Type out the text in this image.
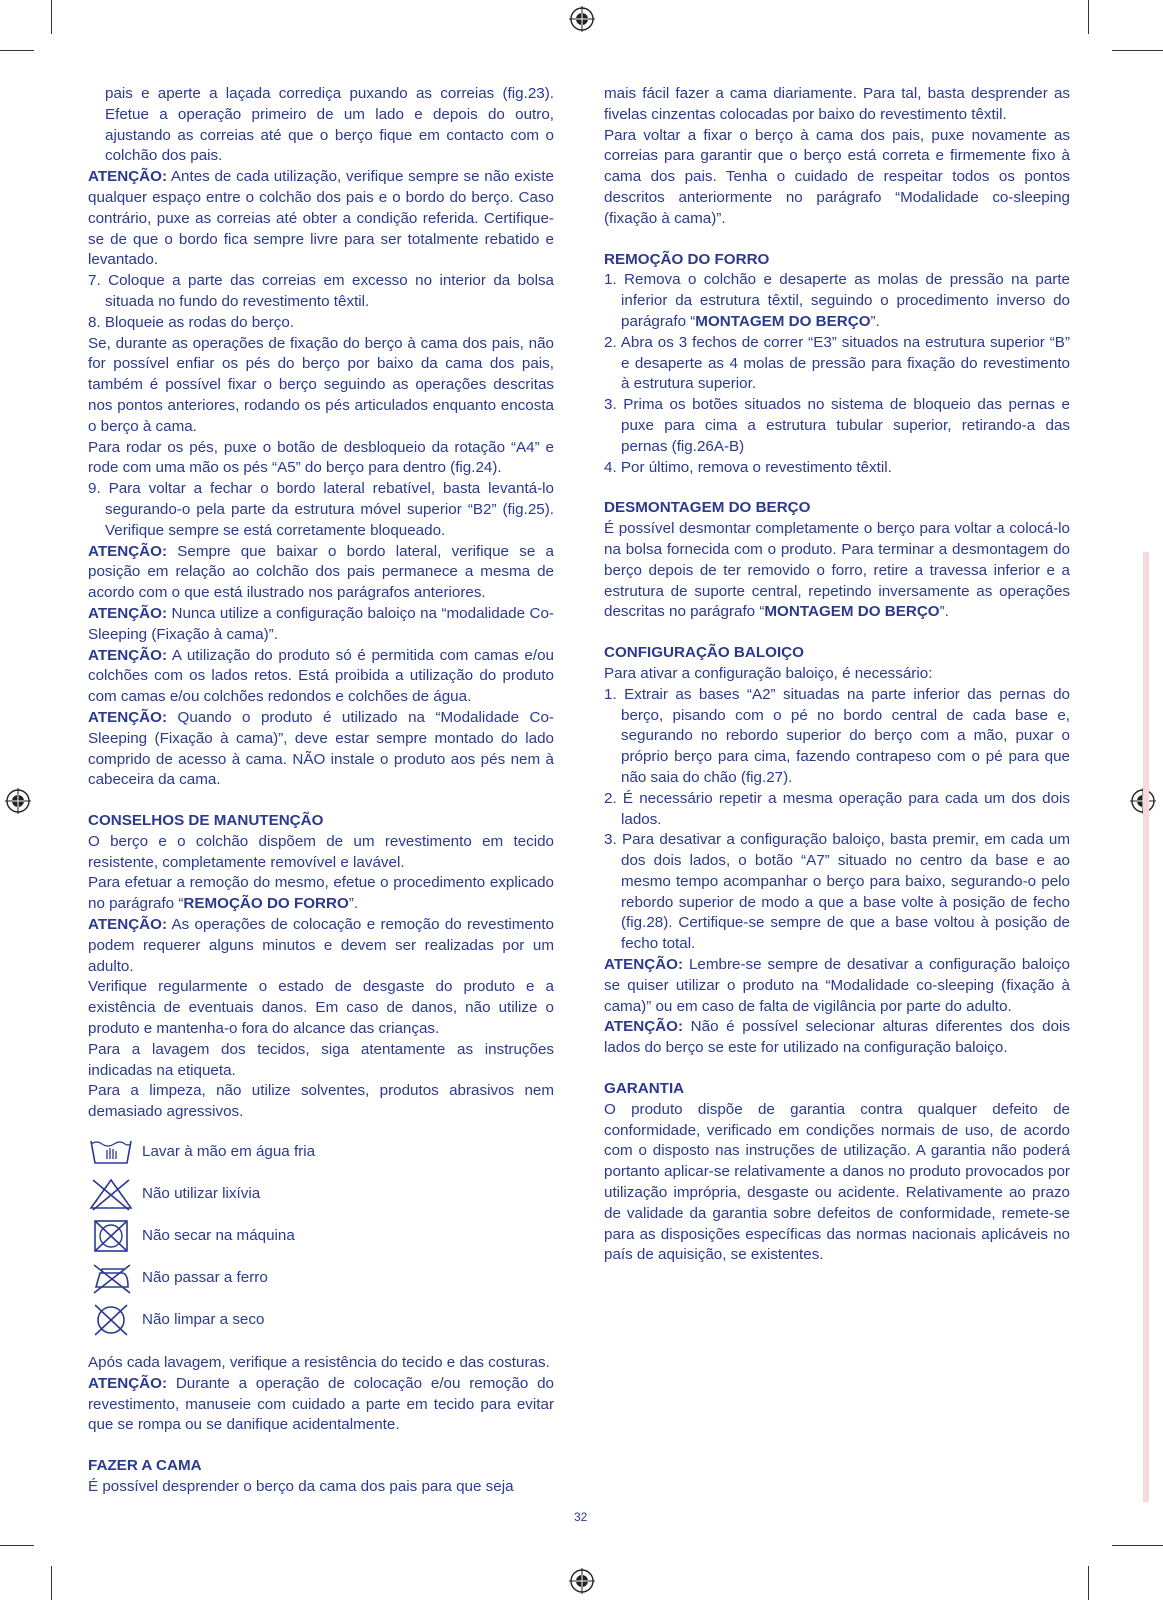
pais e aperte a laçada corrediça puxando as correias (fig.23). Efetue a operação primeiro de um lado e depois do outro, ajustando as correias até que o berço fique em contacto com o colchão dos pais.

ATENÇÃO: Antes de cada utilização, verifique sempre se não existe qualquer espaço entre o colchão dos pais e o bordo do berço. Caso contrário, puxe as correias até obter a condição referida. Certifique-se de que o bordo fica sempre livre para ser totalmente rebatido e levantado.

7. Coloque a parte das correias em excesso no interior da bolsa situada no fundo do revestimento têxtil.

8. Bloqueie as rodas do berço.

Se, durante as operações de fixação do berço à cama dos pais, não for possível enfiar os pés do berço por baixo da cama dos pais, também é possível fixar o berço seguindo as operações descritas nos pontos anteriores, rodando os pés articulados enquanto encosta o berço à cama.

Para rodar os pés, puxe o botão de desbloqueio da rotação “A4” e rode com uma mão os pés “A5” do berço para dentro (fig.24).

9. Para voltar a fechar o bordo lateral rebatível, basta levantá-lo segurando-o pela parte da estrutura móvel superior “B2” (fig.25). Verifique sempre se está corretamente bloqueado.

ATENÇÃO: Sempre que baixar o bordo lateral, verifique se a posição em relação ao colchão dos pais permanece a mesma de acordo com o que está ilustrado nos parágrafos anteriores.

ATENÇÃO: Nunca utilize a configuração baloiço na “modalidade Co-Sleeping (Fixação à cama)”.

ATENÇÃO: A utilização do produto só é permitida com camas e/ou colchões com os lados retos. Está proibida a utilização do produto com camas e/ou colchões redondos e colchões de água.

ATENÇÃO: Quando o produto é utilizado na “Modalidade Co-Sleeping (Fixação à cama)”, deve estar sempre montado do lado comprido de acesso à cama. NÃO instale o produto aos pés nem à cabeceira da cama.

CONSELHOS DE MANUTENÇÃO

O berço e o colchão dispõem de um revestimento em tecido resistente, completamente removível e lavável.

Para efetuar a remoção do mesmo, efetue o procedimento explicado no parágrafo “REMOÇÃO DO FORRO”.

ATENÇÃO: As operações de colocação e remoção do revestimento podem requerer alguns minutos e devem ser realizadas por um adulto.

Verifique regularmente o estado de desgaste do produto e a existência de eventuais danos. Em caso de danos, não utilize o produto e mantenha-o fora do alcance das crianças.

Para a lavagem dos tecidos, siga atentamente as instruções indicadas na etiqueta.

Para a limpeza, não utilize solventes, produtos abrasivos nem demasiado agressivos.

Lavar à mão em água fria
Não utilizar lixívia
Não secar na máquina
Não passar a ferro
Não limpar a seco

Após cada lavagem, verifique a resistência do tecido e das costuras.

ATENÇÃO: Durante a operação de colocação e/ou remoção do revestimento, manuseie com cuidado a parte em tecido para evitar que se rompa ou se danifique acidentalmente.

FAZER A CAMA

É possível desprender o berço da cama dos pais para que seja

mais fácil fazer a cama diariamente. Para tal, basta desprender as fivelas cinzentas colocadas por baixo do revestimento têxtil.

Para voltar a fixar o berço à cama dos pais, puxe novamente as correias para garantir que o berço está correta e firmemente fixo à cama dos pais. Tenha o cuidado de respeitar todos os pontos descritos anteriormente no parágrafo “Modalidade co-sleeping (fixação à cama)”.

REMOÇÃO DO FORRO

1. Remova o colchão e desaperte as molas de pressão na parte inferior da estrutura têxtil, seguindo o procedimento inverso do parágrafo “MONTAGEM DO BERÇO”.

2. Abra os 3 fechos de correr “E3” situados na estrutura superior “B” e desaperte as 4 molas de pressão para fixação do revestimento à estrutura superior.

3. Prima os botões situados no sistema de bloqueio das pernas e puxe para cima a estrutura tubular superior, retirando-a das pernas (fig.26A-B)

4. Por último, remova o revestimento têxtil.

DESMONTAGEM DO BERÇO

É possível desmontar completamente o berço para voltar a colocá-lo na bolsa fornecida com o produto. Para terminar a desmontagem do berço depois de ter removido o forro, retire a travessa inferior e a estrutura de suporte central, repetindo inversamente as operações descritas no parágrafo “MONTAGEM DO BERÇO”.

CONFIGURAÇÃO BALOIÇO

Para ativar a configuração baloiço, é necessário:

1. Extrair as bases “A2” situadas na parte inferior das pernas do berço, pisando com o pé no bordo central de cada base e, segurando no rebordo superior do berço com a mão, puxar o próprio berço para cima, fazendo contrapeso com o pé para que não saia do chão (fig.27).

2. É necessário repetir a mesma operação para cada um dos dois lados.

3. Para desativar a configuração baloiço, basta premir, em cada um dos dois lados, o botão “A7” situado no centro da base e ao mesmo tempo acompanhar o berço para baixo, segurando-o pelo rebordo superior de modo a que a base volte à posição de fecho (fig.28). Certifique-se sempre de que a base voltou à posição de fecho total.

ATENÇÃO: Lembre-se sempre de desativar a configuração baloiço se quiser utilizar o produto na “Modalidade co-sleeping (fixação à cama)” ou em caso de falta de vigilância por parte do adulto.

ATENÇÃO: Não é possível selecionar alturas diferentes dos dois lados do berço se este for utilizado na configuração baloiço.

GARANTIA

O produto dispõe de garantia contra qualquer defeito de conformidade, verificado em condições normais de uso, de acordo com o disposto nas instruções de utilização. A garantia não poderá portanto aplicar-se relativamente a danos no produto provocados por utilização imprópria, desgaste ou acidente. Relativamente ao prazo de validade da garantia sobre defeitos de conformidade, remete-se para as disposições específicas das normas nacionais aplicáveis no país de aquisição, se existentes.

32
